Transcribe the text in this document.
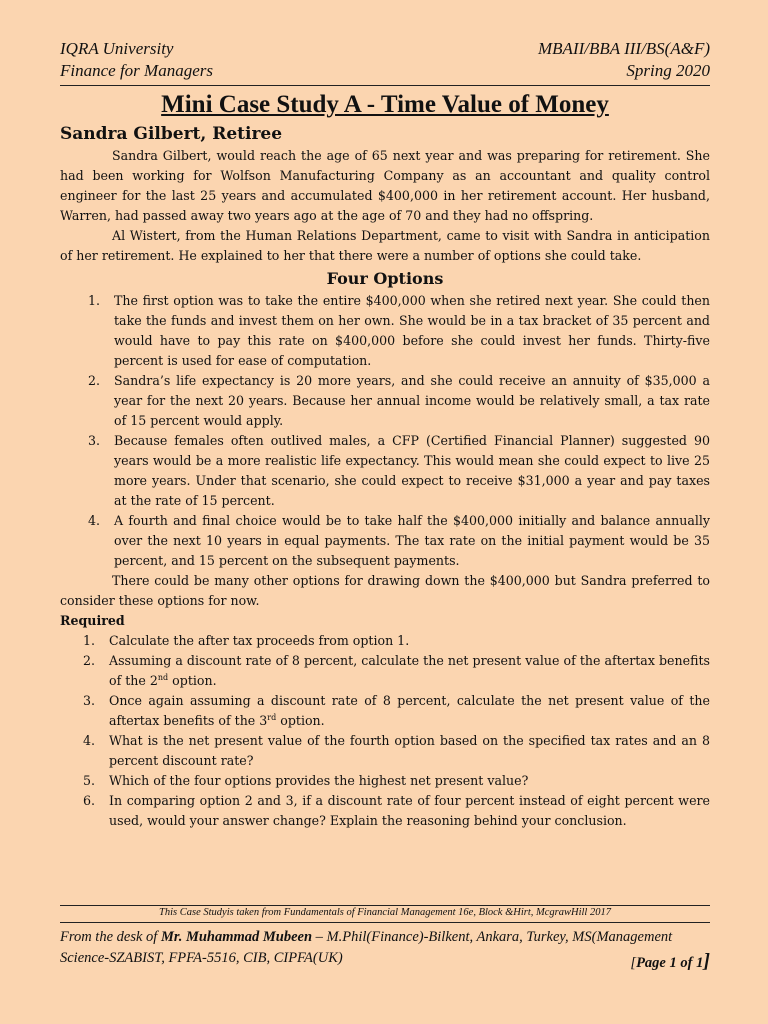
IQRA University	MBAII/BBA III/BS(A&F)
Finance for Managers	Spring 2020
Mini Case Study A - Time Value of Money
Sandra Gilbert, Retiree

Sandra Gilbert, would reach the age of 65 next year and was preparing for retirement. She had been working for Wolfson Manufacturing Company as an accountant and quality control engineer for the last 25 years and accumulated $400,000 in her retirement account. Her husband, Warren, had passed away two years ago at the age of 70 and they had no offspring.

Al Wistert, from the Human Relations Department, came to visit with Sandra in anticipation of her retirement. He explained to her that there were a number of options she could take.

Four Options
1. The first option was to take the entire $400,000 when she retired next year. She could then take the funds and invest them on her own. She would be in a tax bracket of 35 percent and would have to pay this rate on $400,000 before she could invest her funds. Thirty-five percent is used for ease of computation.
2. Sandra’s life expectancy is 20 more years, and she could receive an annuity of $35,000 a year for the next 20 years. Because her annual income would be relatively small, a tax rate of 15 percent would apply.
3. Because females often outlived males, a CFP (Certified Financial Planner) suggested 90 years would be a more realistic life expectancy. This would mean she could expect to live 25 more years. Under that scenario, she could expect to receive $31,000 a year and pay taxes at the rate of 15 percent.
4. A fourth and final choice would be to take half the $400,000 initially and balance annually over the next 10 years in equal payments. The tax rate on the initial payment would be 35 percent, and 15 percent on the subsequent payments.

There could be many other options for drawing down the $400,000 but Sandra preferred to consider these options for now.

Required
1. Calculate the after tax proceeds from option 1.
2. Assuming a discount rate of 8 percent, calculate the net present value of the aftertax benefits of the 2nd option.
3. Once again assuming a discount rate of 8 percent, calculate the net present value of the aftertax benefits of the 3rd option.
4. What is the net present value of the fourth option based on the specified tax rates and an 8 percent discount rate?
5. Which of the four options provides the highest net present value?
6. In comparing option 2 and 3, if a discount rate of four percent instead of eight percent were used, would your answer change? Explain the reasoning behind your conclusion.
This Case Studyis taken from Fundamentals of Financial Management 16e, Block &Hirt, McgrawHill 2017
From the desk of Mr. Muhammad Mubeen – M.Phil(Finance)-Bilkent, Ankara, Turkey, MS(Management
Science-SZABIST, FPFA-5516, CIB, CIPFA(UK)	[Page 1 of 1]
